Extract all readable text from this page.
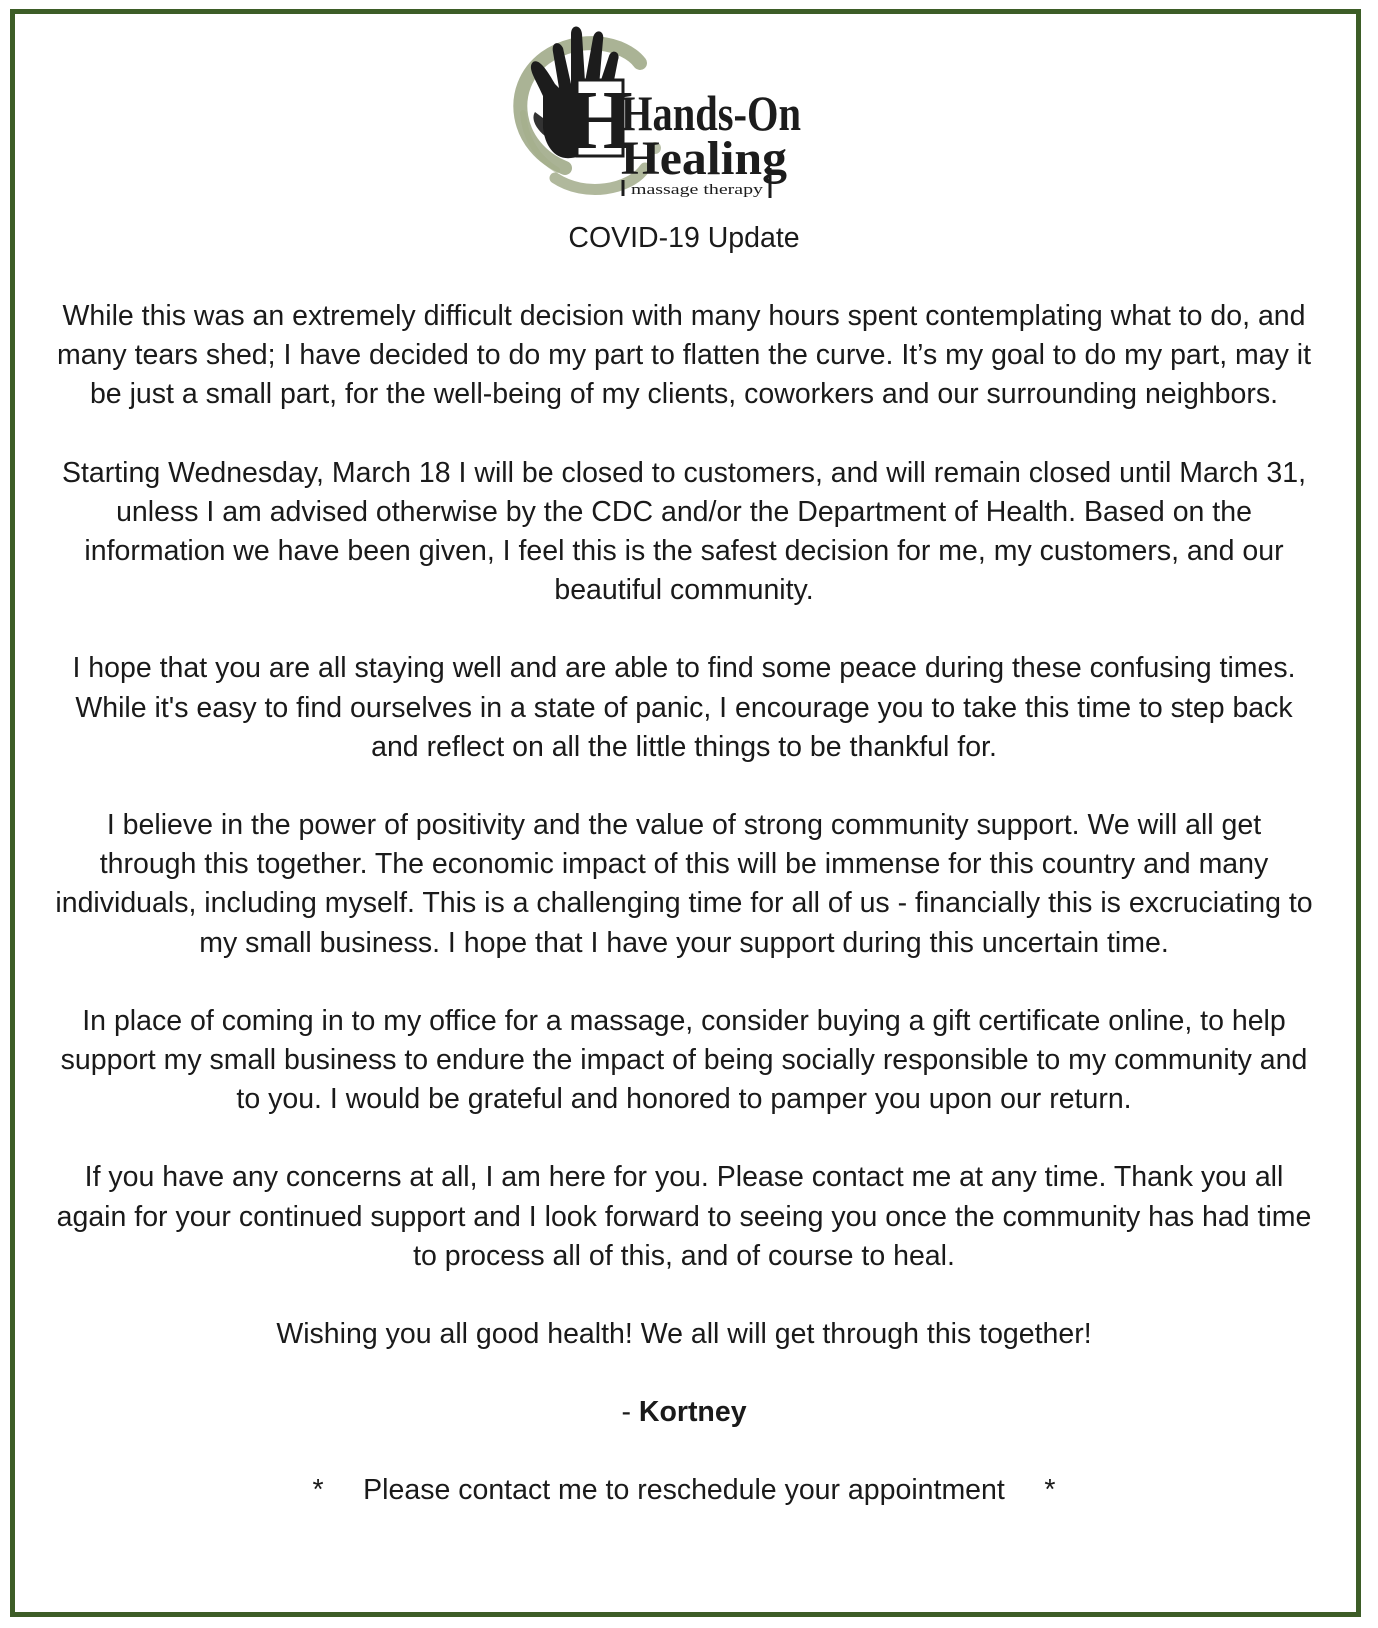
H
Hands-On
Healing
massage therapy
COVID-19 Update

While this was an extremely difficult decision with many hours spent contemplating what to do, and many tears shed; I have decided to do my part to flatten the curve. It’s my goal to do my part, may it be just a small part, for the well-being of my clients, coworkers and our surrounding neighbors.

Starting Wednesday, March 18 I will be closed to customers, and will remain closed until March 31, unless I am advised otherwise by the CDC and/or the Department of Health. Based on the information we have been given, I feel this is the safest decision for me, my customers, and our beautiful community.

I hope that you are all staying well and are able to find some peace during these confusing times. While it's easy to find ourselves in a state of panic, I encourage you to take this time to step back and reflect on all the little things to be thankful for.

I believe in the power of positivity and the value of strong community support. We will all get through this together. The economic impact of this will be immense for this country and many individuals, including myself. This is a challenging time for all of us - financially this is excruciating to my small business. I hope that I have your support during this uncertain time.

In place of coming in to my office for a massage, consider buying a gift certificate online, to help support my small business to endure the impact of being socially responsible to my community and to you. I would be grateful and honored to pamper you upon our return.

If you have any concerns at all, I am here for you. Please contact me at any time. Thank you all again for your continued support and I look forward to seeing you once the community has had time to process all of this, and of course to heal.

Wishing you all good health! We all will get through this together!

- Kortney

* Please contact me to reschedule your appointment *
